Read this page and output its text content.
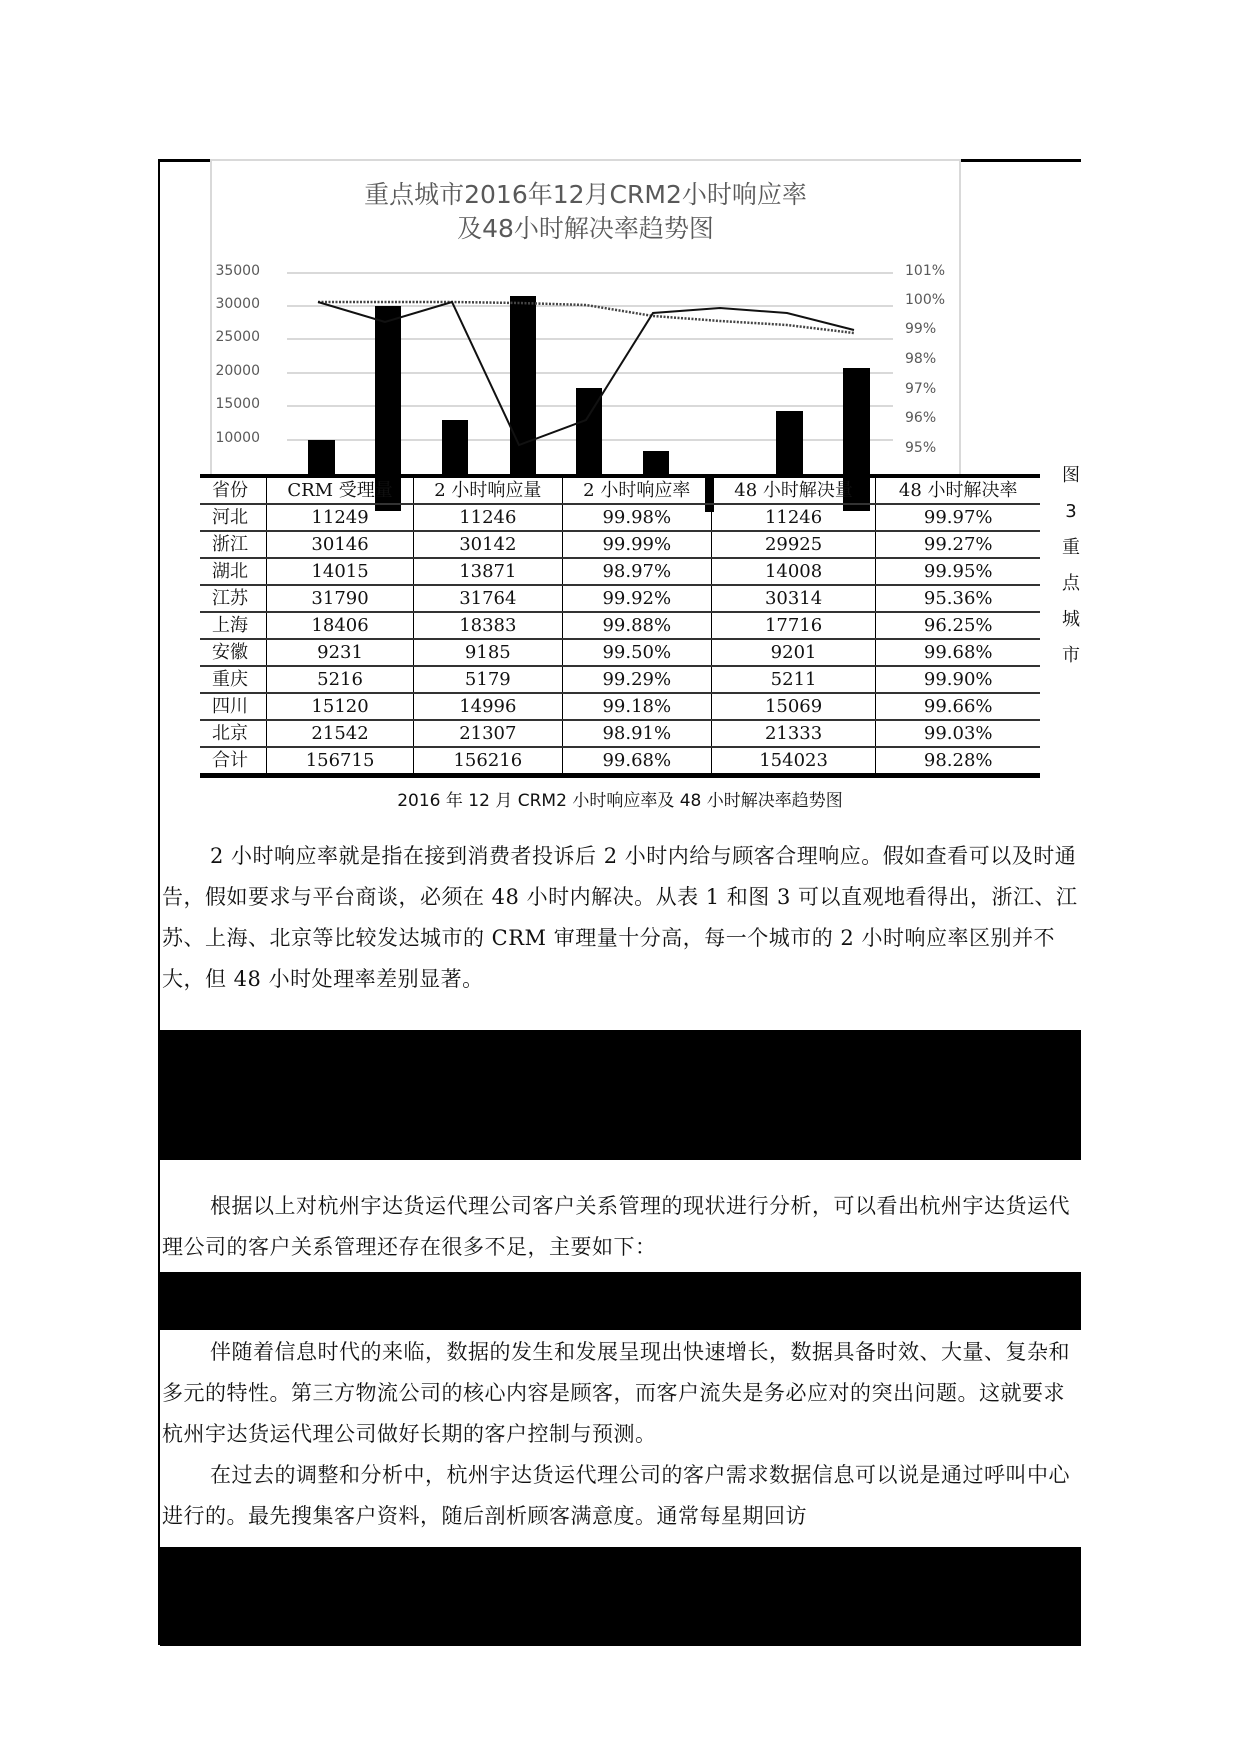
重点城市2016年12月CRM2小时响应率
及48小时解决率趋势图
35000
30000
25000
20000
15000
10000
101%
100%
99%
98%
97%
96%
95%
省份	CRM 受理量	2 小时响应量	2 小时响应率	48 小时解决量	48 小时解决率
河北	11249	11246	99.98%	11246	99.97%
浙江	30146	30142	99.99%	29925	99.27%
湖北	14015	13871	98.97%	14008	99.95%
江苏	31790	31764	99.92%	30314	95.36%
上海	18406	18383	99.88%	17716	96.25%
安徽	9231	9185	99.50%	9201	99.68%
重庆	5216	5179	99.29%	5211	99.90%
四川	15120	14996	99.18%	15069	99.66%
北京	21542	21307	98.91%	21333	99.03%
合计	156715	156216	99.68%	154023	98.28%
图
3
重
点
城
市
2016 年 12 月 CRM2 小时响应率及 48 小时解决率趋势图

2 小时响应率就是指在接到消费者投诉后 2 小时内给与顾客合理响应。假如查看可以及时通告，假如要求与平台商谈，必须在 48 小时内解决。从表 1 和图 3 可以直观地看得出，浙江、江苏、上海、北京等比较发达城市的 CRM 审理量十分高，每一个城市的 2 小时响应率区别并不大，但 48 小时处理率差别显著。

根据以上对杭州宇达货运代理公司客户关系管理的现状进行分析，可以看出杭州宇达货运代理公司的客户关系管理还存在很多不足，主要如下：

伴随着信息时代的来临，数据的发生和发展呈现出快速增长，数据具备时效、大量、复杂和多元的特性。第三方物流公司的核心内容是顾客，而客户流失是务必应对的突出问题。这就要求杭州宇达货运代理公司做好长期的客户控制与预测。

在过去的调整和分析中，杭州宇达货运代理公司的客户需求数据信息可以说是通过呼叫中心进行的。最先搜集客户资料，随后剖析顾客满意度。通常每星期回访
